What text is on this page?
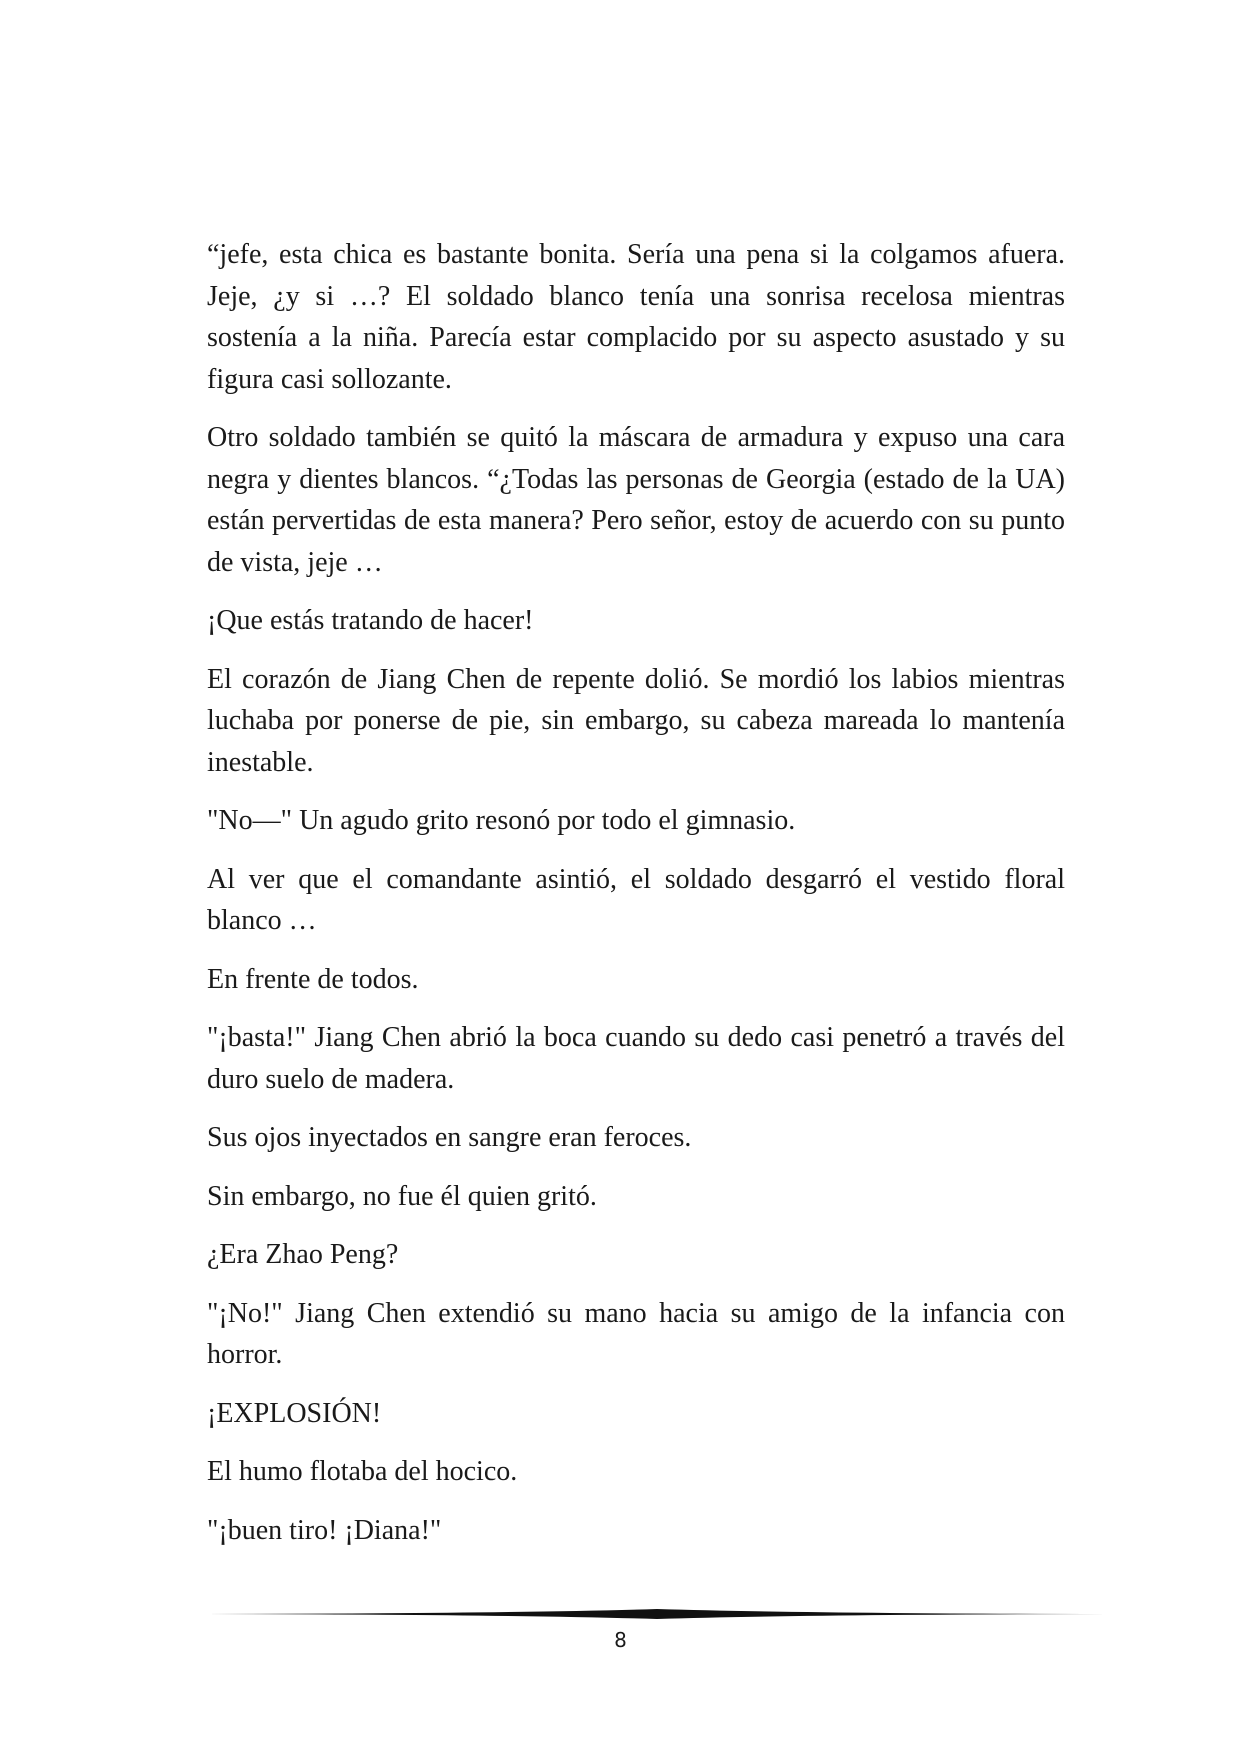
“jefe, esta chica es bastante bonita. Sería una pena si la colgamos afuera. Jeje, ¿y si …? El soldado blanco tenía una sonrisa recelosa mientras sostenía a la niña. Parecía estar complacido por su aspecto asustado y su figura casi sollozante.

Otro soldado también se quitó la máscara de armadura y expuso una cara negra y dientes blancos. “¿Todas las personas de Georgia (estado de la UA) están pervertidas de esta manera? Pero señor, estoy de acuerdo con su punto de vista, jeje …

¡Que estás tratando de hacer!

El corazón de Jiang Chen de repente dolió. Se mordió los labios mientras luchaba por ponerse de pie, sin embargo, su cabeza mareada lo mantenía inestable.

"No—" Un agudo grito resonó por todo el gimnasio.

Al ver que el comandante asintió, el soldado desgarró el vestido floral blanco …

En frente de todos.

"¡basta!" Jiang Chen abrió la boca cuando su dedo casi penetró a través del duro suelo de madera.

Sus ojos inyectados en sangre eran feroces.

Sin embargo, no fue él quien gritó.

¿Era Zhao Peng?

"¡No!" Jiang Chen extendió su mano hacia su amigo de la infancia con horror.

¡EXPLOSIÓN!

El humo flotaba del hocico.

"¡buen tiro! ¡Diana!"

8
